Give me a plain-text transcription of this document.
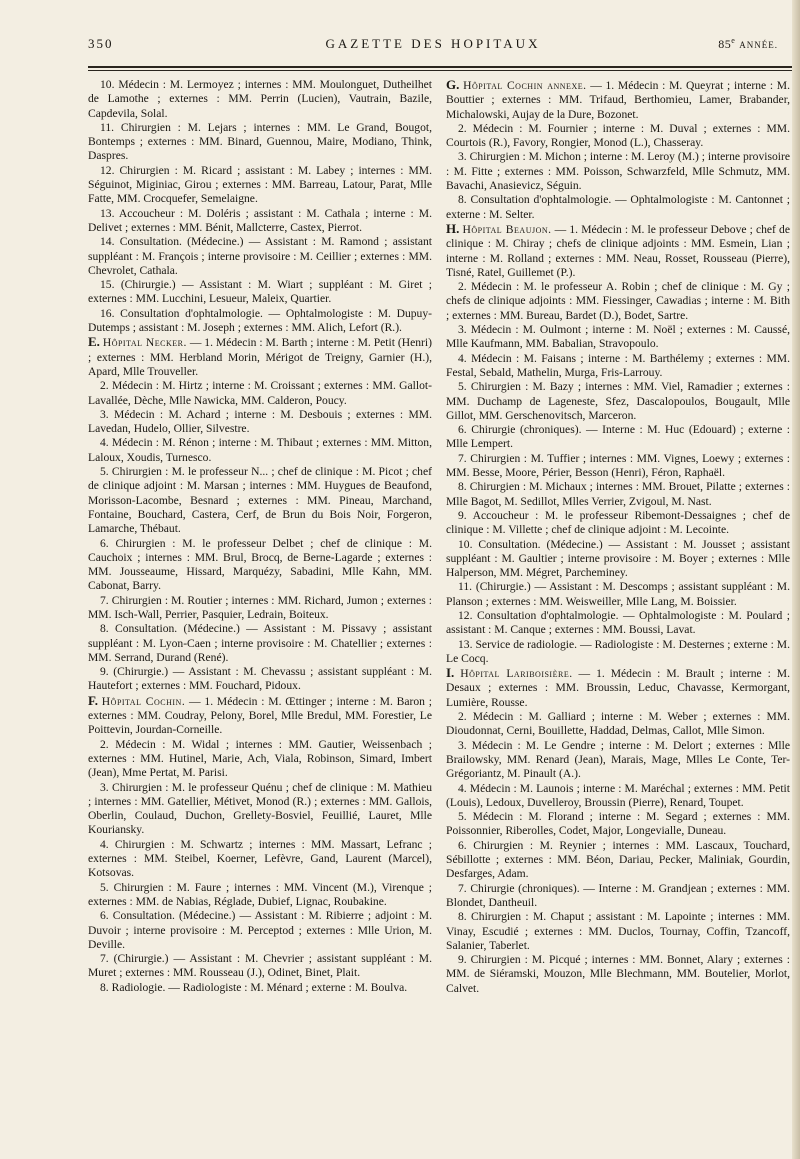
350	GAZETTE DES HOPITAUX	85e ANNÉE.

10. Médecin : M. Lermoyez ; internes : MM. Moulonguet, Dutheilhet de Lamothe ; externes : MM. Perrin (Lucien), Vautrain, Bazile, Capdevila, Solal.

11. Chirurgien : M. Lejars ; internes : MM. Le Grand, Bougot, Bontemps ; externes : MM. Binard, Guennou, Maire, Modiano, Think, Daspres.

12. Chirurgien : M. Ricard ; assistant : M. Labey ; internes : MM. Séguinot, Miginiac, Girou ; externes : MM. Barreau, Latour, Parat, Mlle Fatte, MM. Crocquefer, Semelaigne.

13. Accoucheur : M. Doléris ; assistant : M. Cathala ; interne : M. Delivet ; externes : MM. Bénit, Mallcterre, Castex, Pierrot.

14. Consultation. (Médecine.) — Assistant : M. Ramond ; assistant suppléant : M. François ; interne provisoire : M. Ceillier ; externes : MM. Chevrolet, Cathala.

15. (Chirurgie.) — Assistant : M. Wiart ; suppléant : M. Giret ; externes : MM. Lucchini, Lesueur, Maleix, Quartier.

16. Consultation d'ophtalmologie. — Ophtalmologiste : M. Dupuy-Dutemps ; assistant : M. Joseph ; externes : MM. Alich, Lefort (R.).

E. Hôpital Necker. — 1. Médecin : M. Barth ; interne : M. Petit (Henri) ; externes : MM. Herbland Morin, Mérigot de Treigny, Garnier (H.), Apard, Mlle Trouveller.

2. Médecin : M. Hirtz ; interne : M. Croissant ; externes : MM. Gallot-Lavallée, Dèche, Mlle Nawicka, MM. Calderon, Poucy.

3. Médecin : M. Achard ; interne : M. Desbouis ; externes : MM. Lavedan, Hudelo, Ollier, Silvestre.

4. Médecin : M. Rénon ; interne : M. Thibaut ; externes : MM. Mitton, Laloux, Xoudis, Turnesco.

5. Chirurgien : M. le professeur N... ; chef de clinique : M. Picot ; chef de clinique adjoint : M. Marsan ; internes : MM. Huygues de Beaufond, Morisson-Lacombe, Besnard ; externes : MM. Pineau, Marchand, Fontaine, Bouchard, Castera, Cerf, de Brun du Bois Noir, Forgeron, Lamarche, Thébaut.

6. Chirurgien : M. le professeur Delbet ; chef de clinique : M. Cauchoix ; internes : MM. Brul, Brocq, de Berne-Lagarde ; externes : MM. Jousseaume, Hissard, Marquézy, Sabadini, Mlle Kahn, MM. Cabonat, Barry.

7. Chirurgien : M. Routier ; internes : MM. Richard, Jumon ; externes : MM. Isch-Wall, Perrier, Pasquier, Ledrain, Boiteux.

8. Consultation. (Médecine.) — Assistant : M. Pissavy ; assistant suppléant : M. Lyon-Caen ; interne provisoire : M. Chatellier ; externes : MM. Serrand, Durand (René).

9. (Chirurgie.) — Assistant : M. Chevassu ; assistant suppléant : M. Hautefort ; externes : MM. Fouchard, Pidoux.

F. Hôpital Cochin. — 1. Médecin : M. Œttinger ; interne : M. Baron ; externes : MM. Coudray, Pelony, Borel, Mlle Bredul, MM. Forestier, Le Poittevin, Jourdan-Corneille.

2. Médecin : M. Widal ; internes : MM. Gautier, Weissenbach ; externes : MM. Hutinel, Marie, Ach, Viala, Robinson, Simard, Imbert (Jean), Mme Pertat, M. Parisi.

3. Chirurgien : M. le professeur Quénu ; chef de clinique : M. Mathieu ; internes : MM. Gatellier, Métivet, Monod (R.) ; externes : MM. Gallois, Oberlin, Coulaud, Duchon, Grellety-Bosviel, Feuillié, Lauret, Mlle Kouriansky.

4. Chirurgien : M. Schwartz ; internes : MM. Massart, Lefranc ; externes : MM. Steibel, Koerner, Lefèvre, Gand, Laurent (Marcel), Kotsovas.

5. Chirurgien : M. Faure ; internes : MM. Vincent (M.), Virenque ; externes : MM. de Nabias, Réglade, Dubief, Lignac, Roubakine.

6. Consultation. (Médecine.) — Assistant : M. Ribierre ; adjoint : M. Duvoir ; interne provisoire : M. Perceptod ; externes : Mlle Urion, M. Deville.

7. (Chirurgie.) — Assistant : M. Chevrier ; assistant suppléant : M. Muret ; externes : MM. Rousseau (J.), Odinet, Binet, Plait.

8. Radiologie. — Radiologiste : M. Ménard ; externe : M. Boulva.

G. Hôpital Cochin annexe. — 1. Médecin : M. Queyrat ; interne : M. Bouttier ; externes : MM. Trifaud, Berthomieu, Lamer, Brabander, Michalowski, Aujay de la Dure, Bozonet.

2. Médecin : M. Fournier ; interne : M. Duval ; externes : MM. Courtois (R.), Favory, Rongier, Monod (L.), Chasseray.

3. Chirurgien : M. Michon ; interne : M. Leroy (M.) ; interne provisoire : M. Fitte ; externes : MM. Poisson, Schwarzfeld, Mlle Schmutz, MM. Bavachi, Anasievicz, Séguin.

8. Consultation d'ophtalmologie. — Ophtalmologiste : M. Cantonnet ; externe : M. Selter.

H. Hôpital Beaujon. — 1. Médecin : M. le professeur Debove ; chef de clinique : M. Chiray ; chefs de clinique adjoints : MM. Esmein, Lian ; interne : M. Rolland ; externes : MM. Neau, Rosset, Rousseau (Pierre), Tisné, Ratel, Guillemet (P.).

2. Médecin : M. le professeur A. Robin ; chef de clinique : M. Gy ; chefs de clinique adjoints : MM. Fiessinger, Cawadias ; interne : M. Bith ; externes : MM. Bureau, Bardet (D.), Bodet, Sartre.

3. Médecin : M. Oulmont ; interne : M. Noël ; externes : M. Caussé, Mlle Kaufmann, MM. Babalian, Stravopoulo.

4. Médecin : M. Faisans ; interne : M. Barthélemy ; externes : MM. Festal, Sebald, Mathelin, Murga, Fris-Larrouy.

5. Chirurgien : M. Bazy ; internes : MM. Viel, Ramadier ; externes : MM. Duchamp de Lageneste, Sfez, Dascalopoulos, Bougault, Mlle Gillot, MM. Gerschenovitsch, Marceron.

6. Chirurgie (chroniques). — Interne : M. Huc (Edouard) ; externe : Mlle Lempert.

7. Chirurgien : M. Tuffier ; internes : MM. Vignes, Loewy ; externes : MM. Besse, Moore, Périer, Besson (Henri), Féron, Raphaël.

8. Chirurgien : M. Michaux ; internes : MM. Brouet, Pilatte ; externes : Mlle Bagot, M. Sedillot, Mlles Verrier, Zvigoul, M. Nast.

9. Accoucheur : M. le professeur Ribemont-Dessaignes ; chef de clinique : M. Villette ; chef de clinique adjoint : M. Lecointe.

10. Consultation. (Médecine.) — Assistant : M. Jousset ; assistant suppléant : M. Gaultier ; interne provisoire : M. Boyer ; externes : Mlle Halperson, MM. Mégret, Parcheminey.

11. (Chirurgie.) — Assistant : M. Descomps ; assistant suppléant : M. Planson ; externes : MM. Weisweiller, Mlle Lang, M. Boissier.

12. Consultation d'ophtalmologie. — Ophtalmologiste : M. Poulard ; assistant : M. Canque ; externes : MM. Boussi, Lavat.

13. Service de radiologie. — Radiologiste : M. Desternes ; externe : M. Le Cocq.

I. Hôpital Lariboisière. — 1. Médecin : M. Brault ; interne : M. Desaux ; externes : MM. Broussin, Leduc, Chavasse, Kermorgant, Lumière, Rousse.

2. Médecin : M. Galliard ; interne : M. Weber ; externes : MM. Dioudonnat, Cerni, Bouillette, Haddad, Delmas, Callot, Mlle Simon.

3. Médecin : M. Le Gendre ; interne : M. Delort ; externes : Mlle Brailowsky, MM. Renard (Jean), Marais, Mage, Mlles Le Conte, Ter-Grégoriantz, M. Pinault (A.).

4. Médecin : M. Launois ; interne : M. Maréchal ; externes : MM. Petit (Louis), Ledoux, Duvelleroy, Broussin (Pierre), Renard, Toupet.

5. Médecin : M. Florand ; interne : M. Segard ; externes : MM. Poissonnier, Riberolles, Codet, Major, Longevialle, Duneau.

6. Chirurgien : M. Reynier ; internes : MM. Lascaux, Touchard, Sébillotte ; externes : MM. Béon, Dariau, Pecker, Maliniak, Gourdin, Desfarges, Adam.

7. Chirurgie (chroniques). — Interne : M. Grandjean ; externes : MM. Blondet, Dantheuil.

8. Chirurgien : M. Chaput ; assistant : M. Lapointe ; internes : MM. Vinay, Escudié ; externes : MM. Duclos, Tournay, Coffin, Tzancoff, Salanier, Taberlet.

9. Chirurgien : M. Picqué ; internes : MM. Bonnet, Alary ; externes : MM. de Siéramski, Mouzon, Mlle Blechmann, MM. Boutelier, Morlot, Calvet.
